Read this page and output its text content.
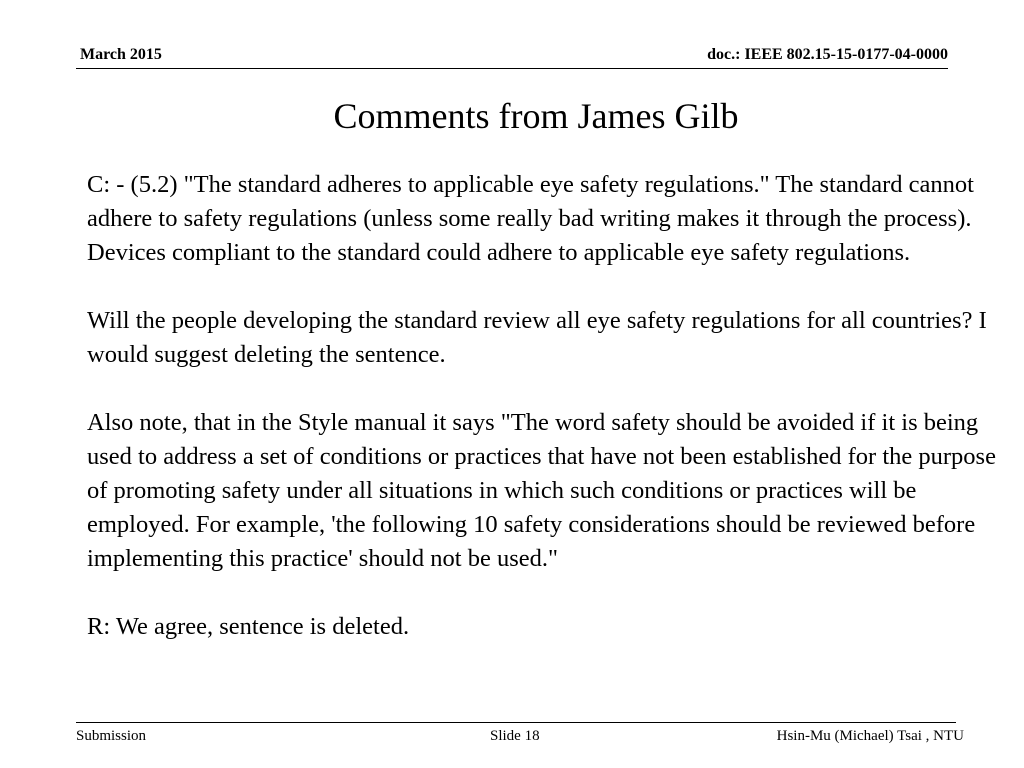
March 2015	doc.: IEEE 802.15-15-0177-04-0000
Comments from James Gilb

C: - (5.2) "The standard adheres to applicable eye safety regulations." The standard cannot adhere to safety regulations (unless some really bad writing makes it through the process). Devices compliant to the standard could adhere to applicable eye safety regulations.

Will the people developing the standard review all eye safety regulations for all countries? I would suggest deleting the sentence.

Also note, that in the Style manual it says "The word safety should be avoided if it is being used to address a set of conditions or practices that have not been established for the purpose of promoting safety under all situations in which such conditions or practices will be employed. For example, 'the following 10 safety considerations should be reviewed before implementing this practice' should not be used."

R: We agree, sentence is deleted.

Submission	Slide 18	Hsin-Mu (Michael) Tsai , NTU
